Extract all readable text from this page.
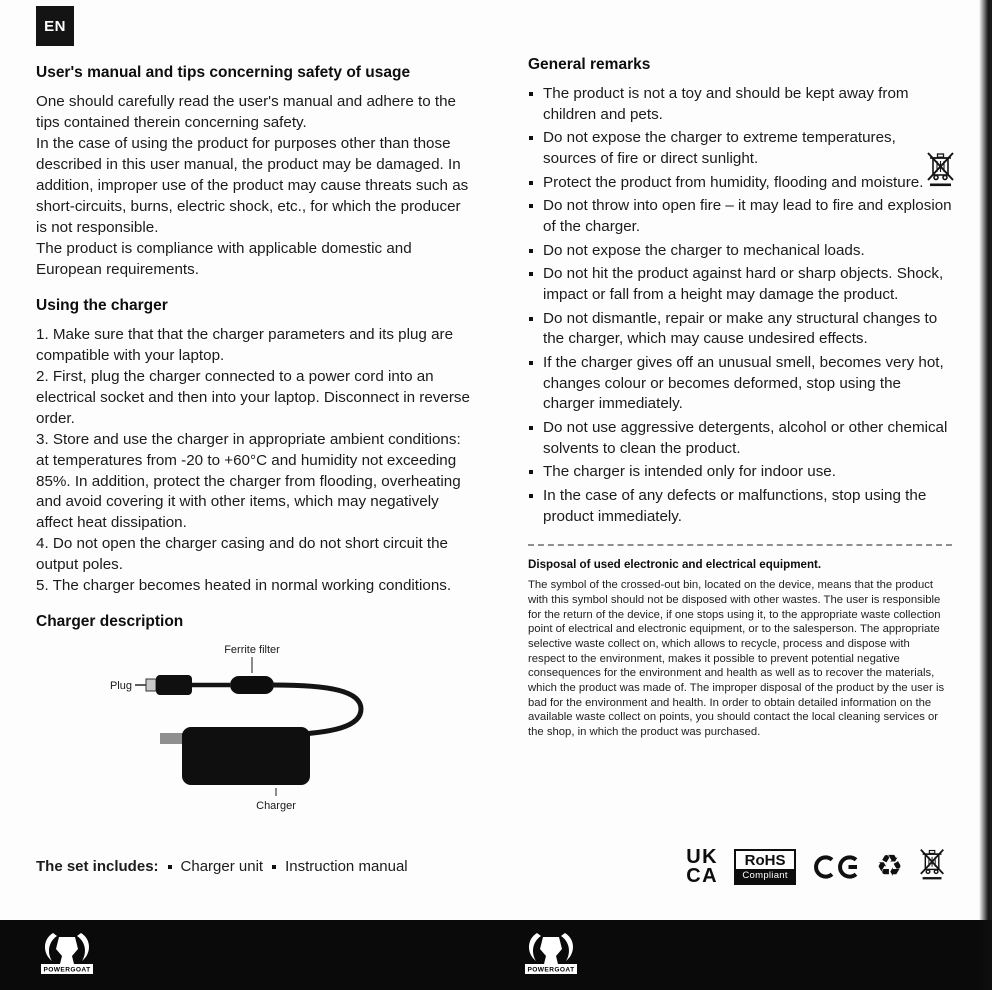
EN
User's manual and tips concerning safety of usage

One should carefully read the user's manual and adhere to the tips contained therein concerning safety.

In the case of using the product for purposes other than those described in this user manual, the product may be damaged. In addition, improper use of the product may cause threats such as short-circuits, burns, electric shock, etc., for which the producer is not responsible.

The product is compliance with applicable domestic and European requirements.

Using the charger

1. Make sure that that the charger parameters and its plug are compatible with your laptop.

2. First, plug the charger connected to a power cord into an electrical socket and then into your laptop. Disconnect in reverse order.

3. Store and use the charger in appropriate ambient conditions: at temperatures from -20 to +60°C and humidity not exceeding 85%. In addition, protect the charger from flooding, overheating and avoid covering it with other items, which may negatively affect heat dissipation.

4. Do not open the charger casing and do not short circuit the output poles.

5. The charger becomes heated in normal working conditions.

Charger description
Ferrite filter
Plug
Charger
General remarks
The product is not a toy and should be kept away from children and pets.
Do not expose the charger to extreme temperatures, sources of fire or direct sunlight.
Protect the product from humidity, flooding and moisture.
Do not throw into open fire – it may lead to fire and explosion of the charger.
Do not expose the charger to mechanical loads.
Do not hit the product against hard or sharp objects. Shock, impact or fall from a height may damage the product.
Do not dismantle, repair or make any structural changes to the charger, which may cause undesired effects.
If the charger gives off an unusual smell, becomes very hot, changes colour or becomes deformed, stop using the charger immediately.
Do not use aggressive detergents, alcohol or other chemical solvents to clean the product.
The charger is intended only for indoor use.
In the case of any defects or malfunctions, stop using the product immediately.
Disposal of used electronic and electrical equipment.

The symbol of the crossed-out bin, located on the device, means that the product with this symbol should not be disposed with other wastes. The user is responsible for the return of the device, if one stops using it, to the appropriate waste collection point of electrical and electronic equipment, or to the salesperson. The appropriate selective waste collect on, which allows to recycle, process and dispose with respect to the environment, makes it possible to prevent potential negative consequences for the environment and health as well as to recover the materials, which the product was made of. The improper disposal of the product by the user is bad for the environment and health. In order to obtain detailed information on the available waste collect on points, you should contact the local cleaning services or the shop, in which the product was purchased.

The set includes: Charger unit Instruction manual	UK
CA
RoHS
Compliant	♻
POWERGOAT	POWERGOAT
